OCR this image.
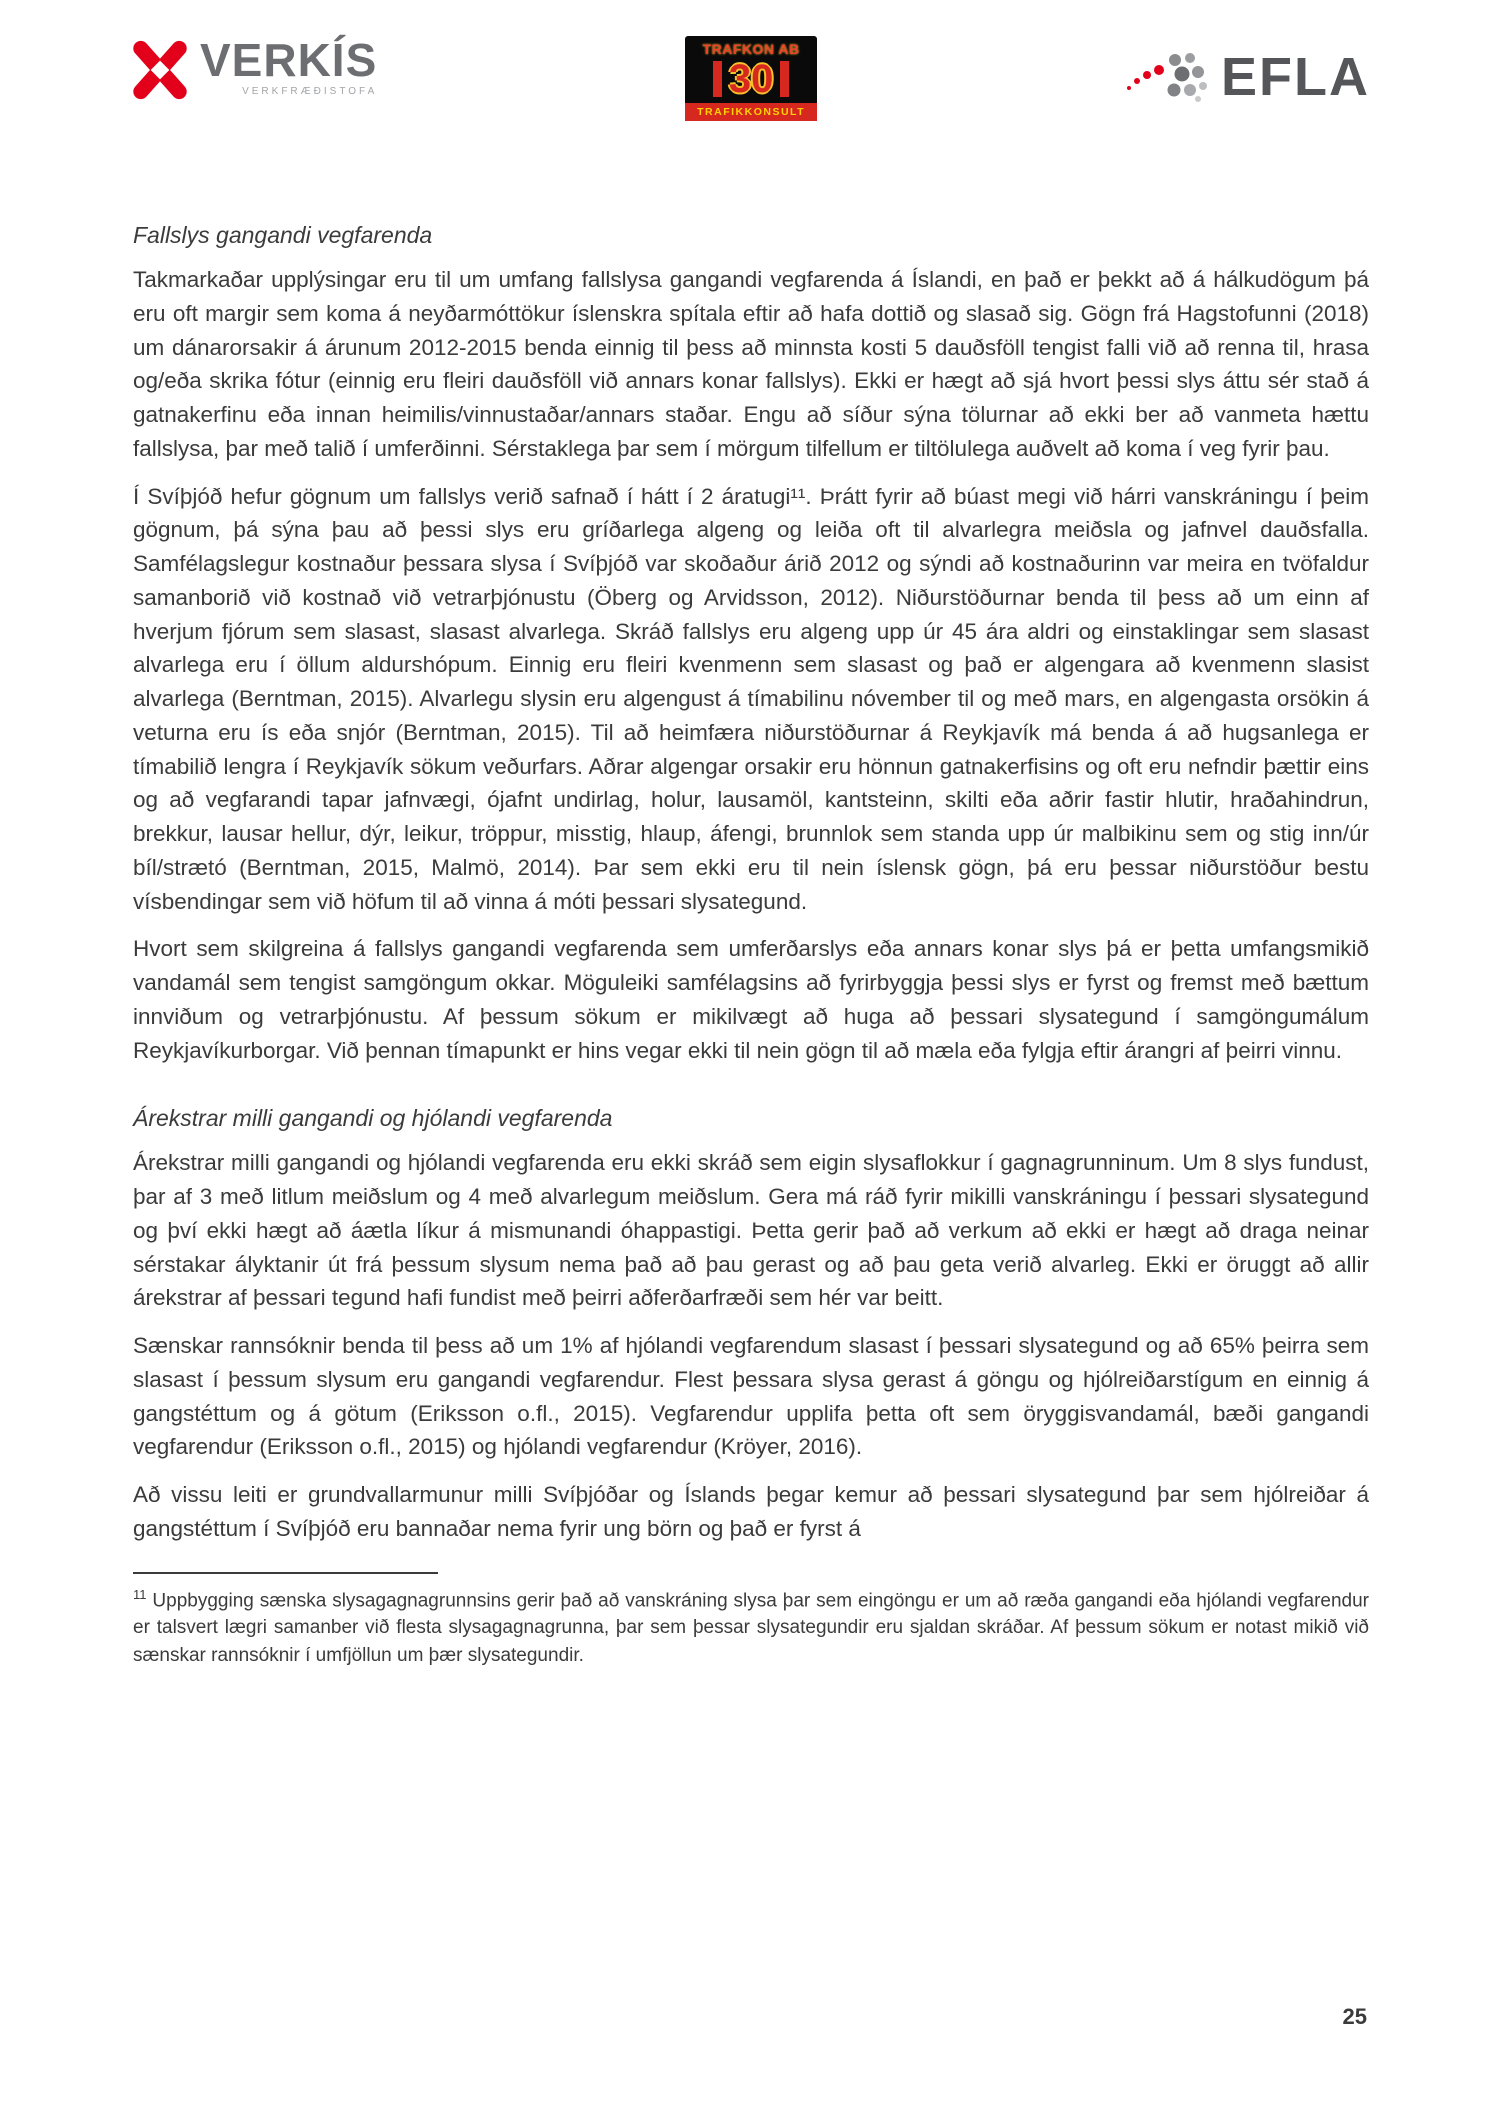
VERKÍS
VERKFRÆÐISTOFA
TRAFKON AB
30
TRAFIKKONSULT
EFLA
Fallslys gangandi vegfarenda

Takmarkaðar upplýsingar eru til um umfang fallslysa gangandi vegfarenda á Íslandi, en það er þekkt að á hálkudögum þá eru oft margir sem koma á neyðarmóttökur íslenskra spítala eftir að hafa dottið og slasað sig. Gögn frá Hagstofunni (2018) um dánarorsakir á árunum 2012-2015 benda einnig til þess að minnsta kosti 5 dauðsföll tengist falli við að renna til, hrasa og/eða skrika fótur (einnig eru fleiri dauðsföll við annars konar fallslys). Ekki er hægt að sjá hvort þessi slys áttu sér stað á gatnakerfinu eða innan heimilis/vinnustaðar/annars staðar. Engu að síður sýna tölurnar að ekki ber að vanmeta hættu fallslysa, þar með talið í umferðinni. Sérstaklega þar sem í mörgum tilfellum er tiltölulega auðvelt að koma í veg fyrir þau.

Í Svíþjóð hefur gögnum um fallslys verið safnað í hátt í 2 áratugi¹¹. Þrátt fyrir að búast megi við hárri vanskráningu í þeim gögnum, þá sýna þau að þessi slys eru gríðarlega algeng og leiða oft til alvarlegra meiðsla og jafnvel dauðsfalla. Samfélagslegur kostnaður þessara slysa í Svíþjóð var skoðaður árið 2012 og sýndi að kostnaðurinn var meira en tvöfaldur samanborið við kostnað við vetrarþjónustu (Öberg og Arvidsson, 2012). Niðurstöðurnar benda til þess að um einn af hverjum fjórum sem slasast, slasast alvarlega. Skráð fallslys eru algeng upp úr 45 ára aldri og einstaklingar sem slasast alvarlega eru í öllum aldurshópum. Einnig eru fleiri kvenmenn sem slasast og það er algengara að kvenmenn slasist alvarlega (Berntman, 2015). Alvarlegu slysin eru algengust á tímabilinu nóvember til og með mars, en algengasta orsökin á veturna eru ís eða snjór (Berntman, 2015). Til að heimfæra niðurstöðurnar á Reykjavík má benda á að hugsanlega er tímabilið lengra í Reykjavík sökum veðurfars. Aðrar algengar orsakir eru hönnun gatnakerfisins og oft eru nefndir þættir eins og að vegfarandi tapar jafnvægi, ójafnt undirlag, holur, lausamöl, kantsteinn, skilti eða aðrir fastir hlutir, hraðahindrun, brekkur, lausar hellur, dýr, leikur, tröppur, misstig, hlaup, áfengi, brunnlok sem standa upp úr malbikinu sem og stig inn/úr bíl/strætó (Berntman, 2015, Malmö, 2014). Þar sem ekki eru til nein íslensk gögn, þá eru þessar niðurstöður bestu vísbendingar sem við höfum til að vinna á móti þessari slysategund.

Hvort sem skilgreina á fallslys gangandi vegfarenda sem umferðarslys eða annars konar slys þá er þetta umfangsmikið vandamál sem tengist samgöngum okkar. Möguleiki samfélagsins að fyrirbyggja þessi slys er fyrst og fremst með bættum innviðum og vetrarþjónustu. Af þessum sökum er mikilvægt að huga að þessari slysategund í samgöngumálum Reykjavíkurborgar. Við þennan tímapunkt er hins vegar ekki til nein gögn til að mæla eða fylgja eftir árangri af þeirri vinnu.

Árekstrar milli gangandi og hjólandi vegfarenda

Árekstrar milli gangandi og hjólandi vegfarenda eru ekki skráð sem eigin slysaflokkur í gagnagrunninum. Um 8 slys fundust, þar af 3 með litlum meiðslum og 4 með alvarlegum meiðslum. Gera má ráð fyrir mikilli vanskráningu í þessari slysategund og því ekki hægt að áætla líkur á mismunandi óhappastigi. Þetta gerir það að verkum að ekki er hægt að draga neinar sérstakar ályktanir út frá þessum slysum nema það að þau gerast og að þau geta verið alvarleg. Ekki er öruggt að allir árekstrar af þessari tegund hafi fundist með þeirri aðferðarfræði sem hér var beitt.

Sænskar rannsóknir benda til þess að um 1% af hjólandi vegfarendum slasast í þessari slysategund og að 65% þeirra sem slasast í þessum slysum eru gangandi vegfarendur. Flest þessara slysa gerast á göngu og hjólreiðarstígum en einnig á gangstéttum og á götum (Eriksson o.fl., 2015). Vegfarendur upplifa þetta oft sem öryggisvandamál, bæði gangandi vegfarendur (Eriksson o.fl., 2015) og hjólandi vegfarendur (Kröyer, 2016).

Að vissu leiti er grundvallarmunur milli Svíþjóðar og Íslands þegar kemur að þessari slysategund þar sem hjólreiðar á gangstéttum í Svíþjóð eru bannaðar nema fyrir ung börn og það er fyrst á

$^{11}$ Uppbygging sænska slysagagnagrunnsins gerir það að vanskráning slysa þar sem eingöngu er um að ræða gangandi eða hjólandi vegfarendur er talsvert lægri samanber við flesta slysagagnagrunna, þar sem þessar slysategundir eru sjaldan skráðar. Af þessum sökum er notast mikið við sænskar rannsóknir í umfjöllun um þær slysategundir.

25
